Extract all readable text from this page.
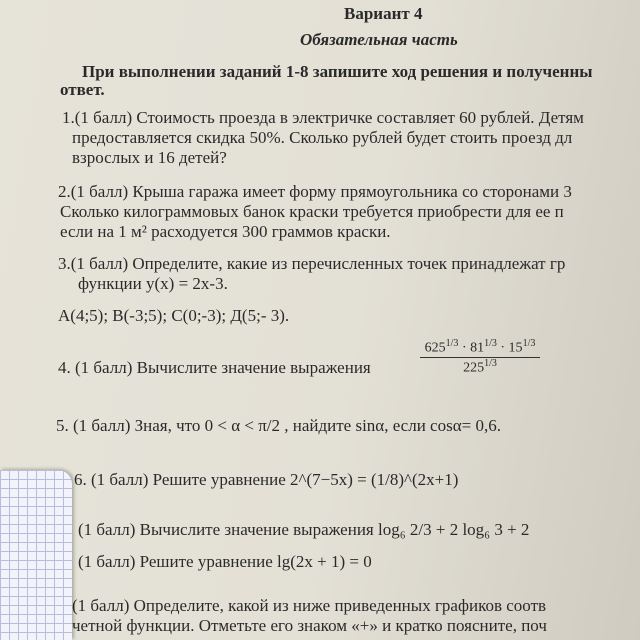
Вариант 4
Обязательная часть
При выполнении заданий 1-8 запишите ход решения и полученны
ответ.
1.(1 балл) Стоимость проезда в электричке составляет 60 рублей. Детям
предоставляется скидка 50%. Сколько рублей будет стоить проезд дл
взрослых и 16 детей?
2.(1 балл) Крыша гаража имеет форму прямоугольника со сторонами 3
Сколько килограммовых банок краски требуется приобрести для ее п
если на 1 м² расходуется 300 граммов краски.
3.(1 балл) Определите, какие из перечисленных точек принадлежат гр
функции y(x) = 2x-3.
А(4;5); В(-3;5); С(0;-3); Д(5;- 3).
4. (1 балл) Вычислите значение выражения	$\frac{625^{1/3} \cdot 81^{1/3} \cdot 15^{1/3}}{225^{1/3}}$
5. (1 балл) Зная, что 0 < α < π/2 , найдите sinα, если cosα= 0,6.
6. (1 балл) Решите уравнение 2^(7−5x) = (1/8)^(2x+1)
(1 балл) Вычислите значение выражения log₆ 2/3 + 2 log₆ 3 + 2
(1 балл) Решите уравнение lg(2x + 1) = 0
(1 балл) Определите, какой из ниже приведенных графиков соотв
четной функции. Отметьте его знаком «+» и кратко поясните, поч
